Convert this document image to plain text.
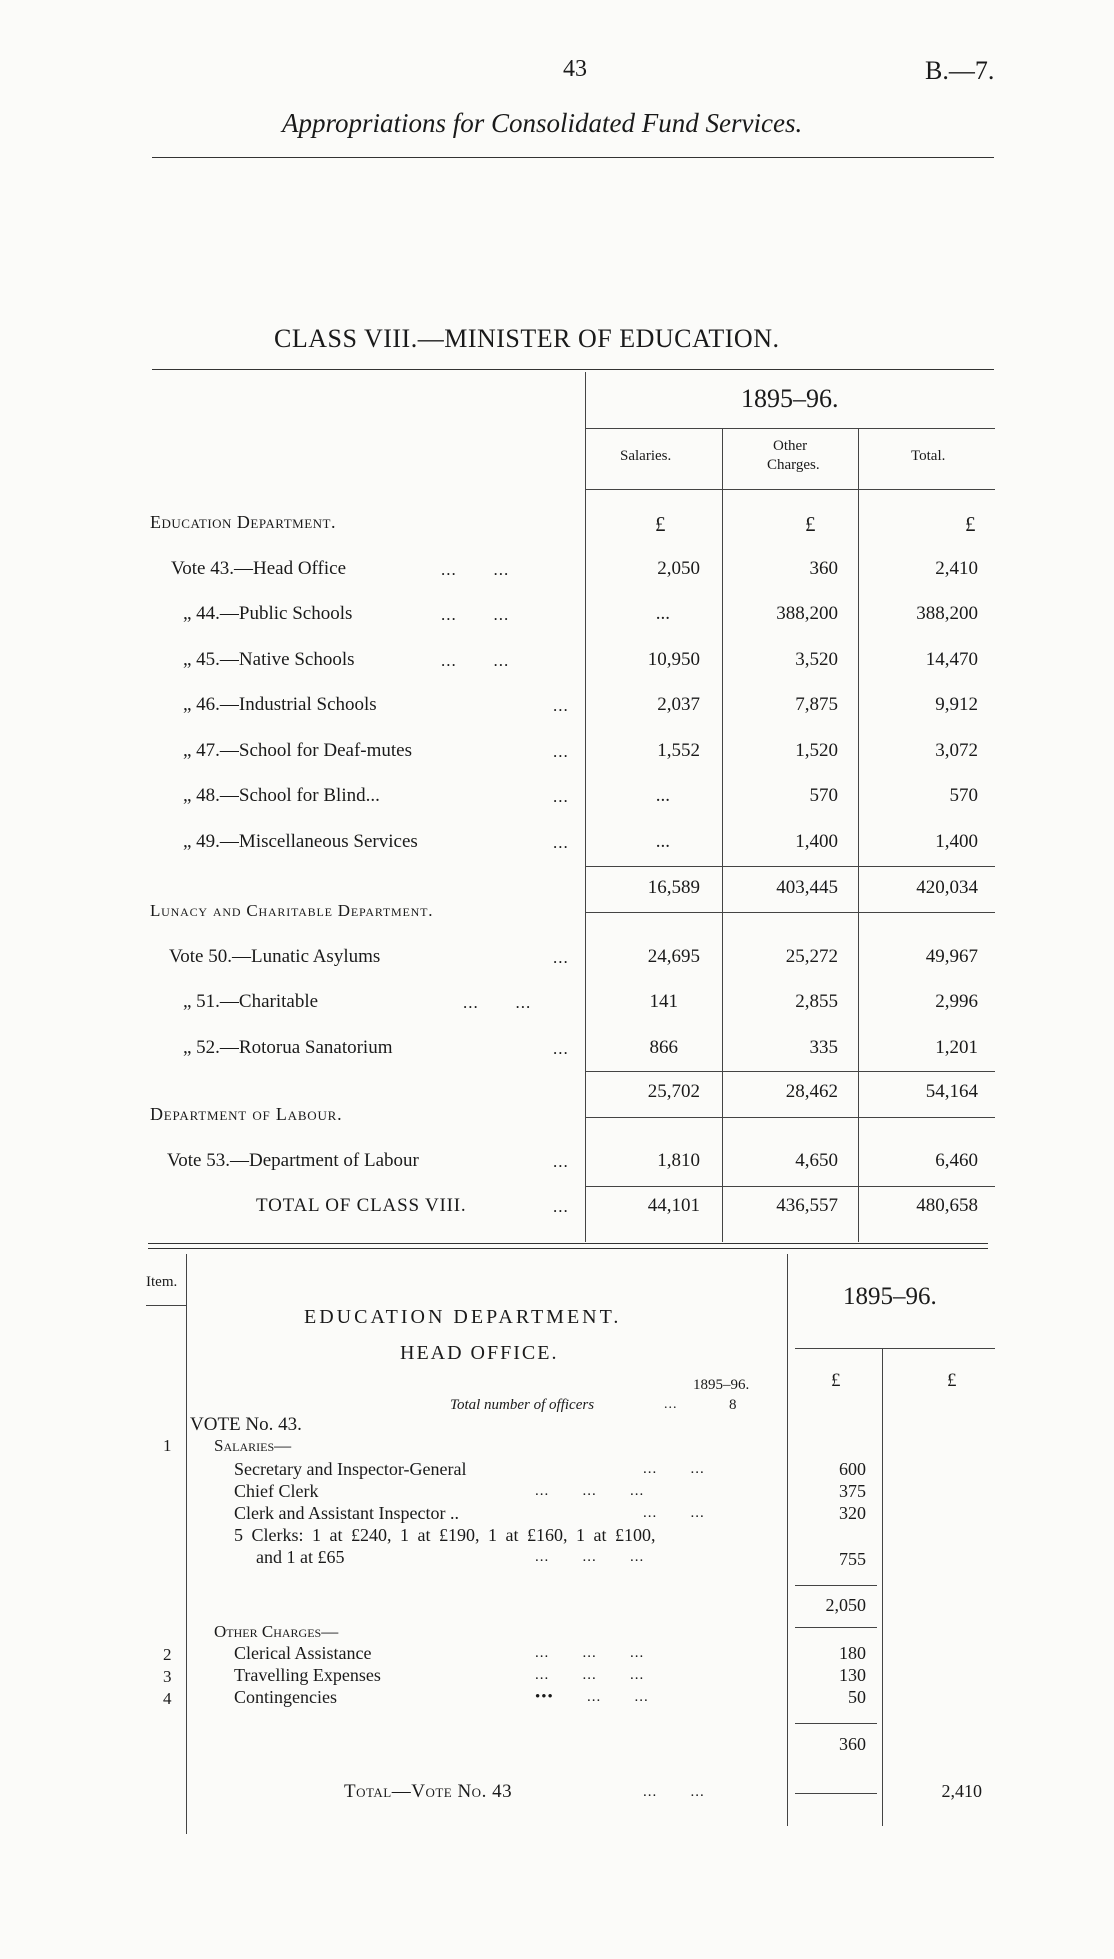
43	B.—7.
Appropriations for Consolidated Fund Services.
CLASS VIII.—MINISTER OF EDUCATION.
1895–96.
Salaries.
Other
Charges.
Total.
Education Department.	£	£	£
Vote 43.—Head Office	...       ...	2,050	360	2,410
„ 44.—Public Schools	...       ...	...	388,200	388,200
„ 45.—Native Schools	...       ...	10,950	3,520	14,470
„ 46.—Industrial Schools	...	2,037	7,875	9,912
„ 47.—School for Deaf-mutes	...	1,552	1,520	3,072
„ 48.—School for Blind...	...	...	570	570
„ 49.—Miscellaneous Services	...	...	1,400	1,400
16,589	403,445	420,034
Lunacy and Charitable Department.
Vote 50.—Lunatic Asylums	...	24,695	25,272	49,967
„ 51.—Charitable	...       ...	141	2,855	2,996
„ 52.—Rotorua Sanatorium	...	866	335	1,201
25,702	28,462	54,164
Department of Labour.
Vote 53.—Department of Labour	...	1,810	4,650	6,460
TOTAL OF CLASS VIII.	...	44,101	436,557	480,658
Item.
EDUCATION DEPARTMENT.
HEAD OFFICE.
1895–96.
1895–96.
Total number of officers	...	8
£	£
VOTE No. 43.
1	Salaries—
Secretary and Inspector-General	...       ...	600
Chief Clerk	...       ...       ...	375
Clerk and Assistant Inspector ..	...       ...	320
5 Clerks: 1 at £240, 1 at £190, 1 at £160, 1 at £100,
and 1 at £65	...       ...       ...	755
2,050
Other Charges—
2	Clerical Assistance	...       ...       ...	180
3	Travelling Expenses	...       ...       ...	130
4	Contingencies	•••       ...       ...	50
360
Total—Vote No. 43	...       ...	2,410
